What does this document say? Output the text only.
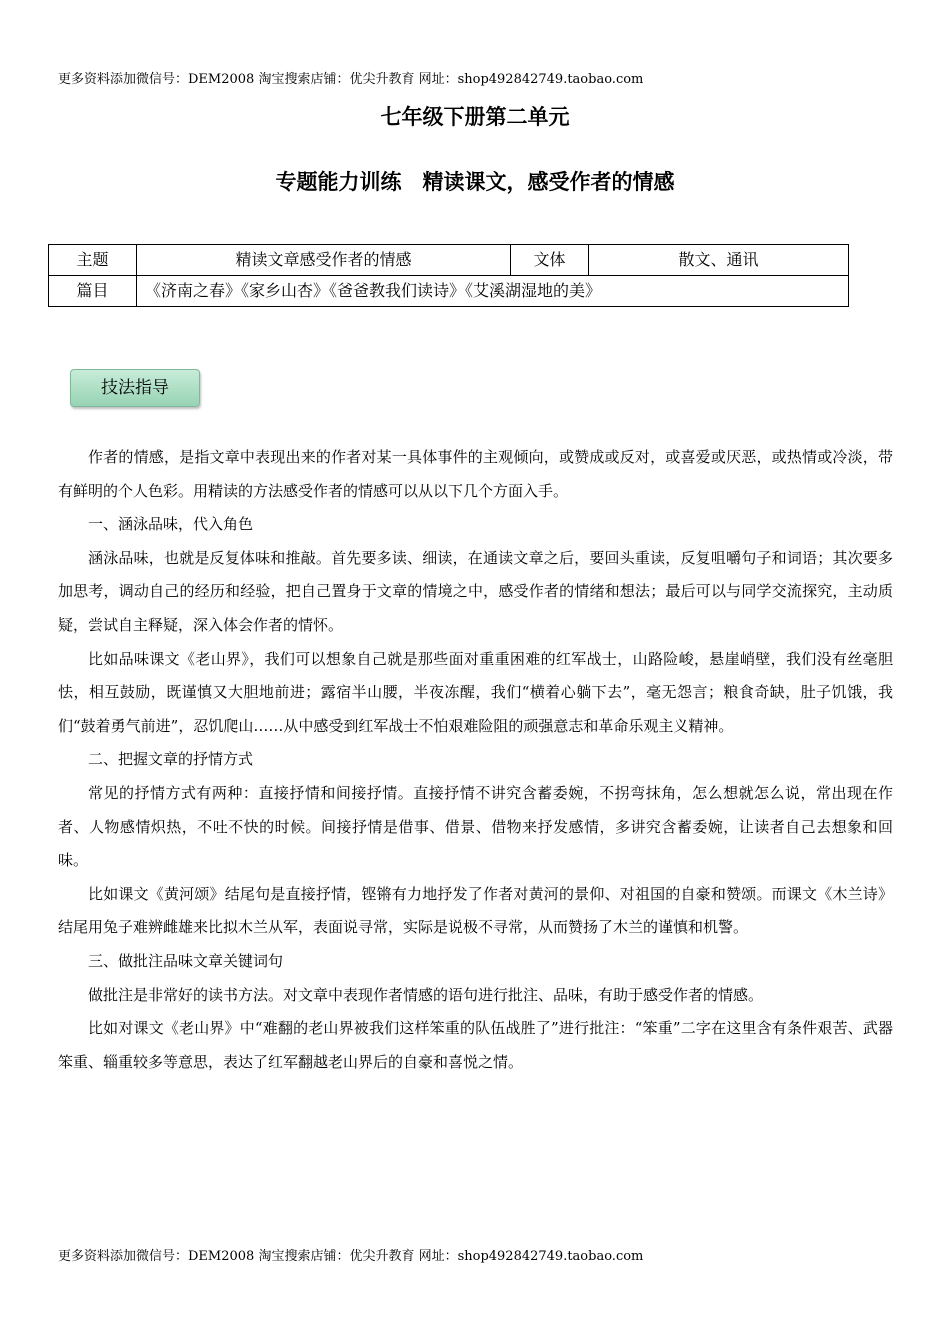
更多资料添加微信号：DEM2008 淘宝搜索店铺：优尖升教育 网址：shop492842749.taobao.com
七年级下册第二单元
专题能力训练　精读课文，感受作者的情感
主题	精读文章感受作者的情感	文体	散文、通讯
篇目	《济南之春》《家乡山杏》《爸爸教我们读诗》《艾溪湖湿地的美》		
技法指导

作者的情感，是指文章中表现出来的作者对某一具体事件的主观倾向，或赞成或反对，或喜爱或厌恶，或热情或冷淡，带有鲜明的个人色彩。用精读的方法感受作者的情感可以从以下几个方面入手。

一、涵泳品味，代入角色

涵泳品味，也就是反复体味和推敲。首先要多读、细读，在通读文章之后，要回头重读，反复咀嚼句子和词语；其次要多加思考，调动自己的经历和经验，把自己置身于文章的情境之中，感受作者的情绪和想法；最后可以与同学交流探究，主动质疑，尝试自主释疑，深入体会作者的情怀。

比如品味课文《老山界》，我们可以想象自己就是那些面对重重困难的红军战士，山路险峻，悬崖峭壁，我们没有丝毫胆怯，相互鼓励，既谨慎又大胆地前进；露宿半山腰，半夜冻醒，我们“横着心躺下去”，毫无怨言；粮食奇缺，肚子饥饿，我们“鼓着勇气前进”，忍饥爬山……从中感受到红军战士不怕艰难险阻的顽强意志和革命乐观主义精神。

二、把握文章的抒情方式

常见的抒情方式有两种：直接抒情和间接抒情。直接抒情不讲究含蓄委婉，不拐弯抹角，怎么想就怎么说，常出现在作者、人物感情炽热，不吐不快的时候。间接抒情是借事、借景、借物来抒发感情，多讲究含蓄委婉，让读者自己去想象和回味。

比如课文《黄河颂》结尾句是直接抒情，铿锵有力地抒发了作者对黄河的景仰、对祖国的自豪和赞颂。而课文《木兰诗》结尾用兔子难辨雌雄来比拟木兰从军，表面说寻常，实际是说极不寻常，从而赞扬了木兰的谨慎和机警。

三、做批注品味文章关键词句

做批注是非常好的读书方法。对文章中表现作者情感的语句进行批注、品味，有助于感受作者的情感。

比如对课文《老山界》中“难翻的老山界被我们这样笨重的队伍战胜了”进行批注：“笨重”二字在这里含有条件艰苦、武器笨重、辎重较多等意思，表达了红军翻越老山界后的自豪和喜悦之情。

更多资料添加微信号：DEM2008 淘宝搜索店铺：优尖升教育 网址：shop492842749.taobao.com
